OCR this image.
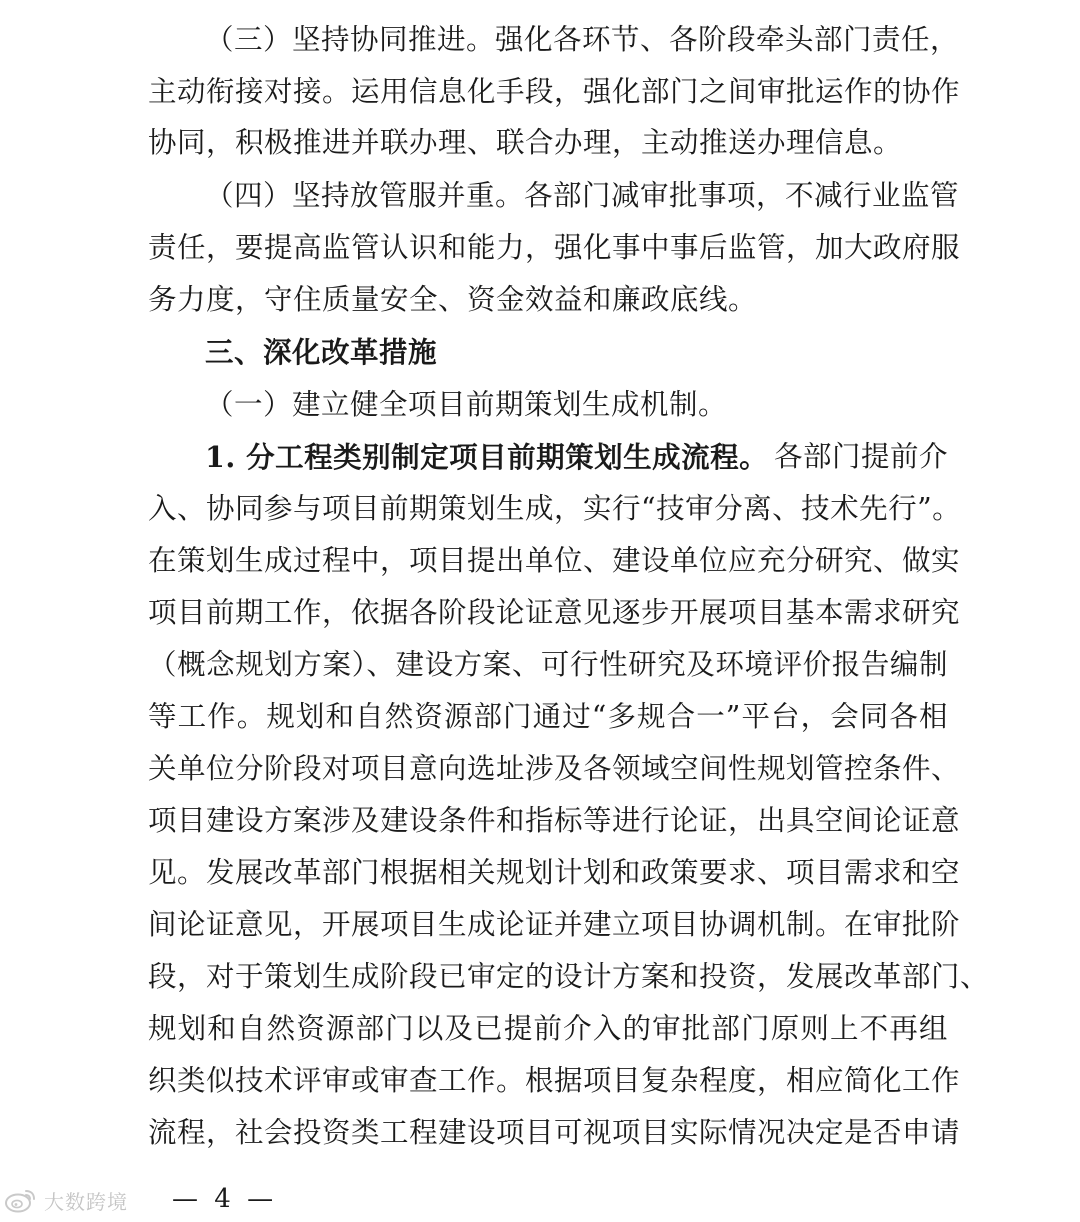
（三）坚持协同推进。强化各环节、各阶段牵头部门责任，
主动衔接对接。运用信息化手段，强化部门之间审批运作的协作
协同，积极推进并联办理、联合办理，主动推送办理信息。
（四）坚持放管服并重。各部门减审批事项，不减行业监管
责任，要提高监管认识和能力，强化事中事后监管，加大政府服
务力度，守住质量安全、资金效益和廉政底线。
三、深化改革措施
（一）建立健全项目前期策划生成机制。
1. 分工程类别制定项目前期策划生成流程。 各部门提前介
入、协同参与项目前期策划生成，实行“技审分离、技术先行”。
在策划生成过程中，项目提出单位、建设单位应充分研究、做实
项目前期工作，依据各阶段论证意见逐步开展项目基本需求研究
（概念规划方案）、建设方案、可行性研究及环境评价报告编制
等工作。规划和自然资源部门通过“多规合一”平台，会同各相
关单位分阶段对项目意向选址涉及各领域空间性规划管控条件、
项目建设方案涉及建设条件和指标等进行论证，出具空间论证意
见。发展改革部门根据相关规划计划和政策要求、项目需求和空
间论证意见，开展项目生成论证并建立项目协调机制。在审批阶
段，对于策划生成阶段已审定的设计方案和投资，发展改革部门、
规划和自然资源部门以及已提前介入的审批部门原则上不再组
织类似技术评审或审查工作。根据项目复杂程度，相应简化工作
流程，社会投资类工程建设项目可视项目实际情况决定是否申请
— 4 —
大数跨境
